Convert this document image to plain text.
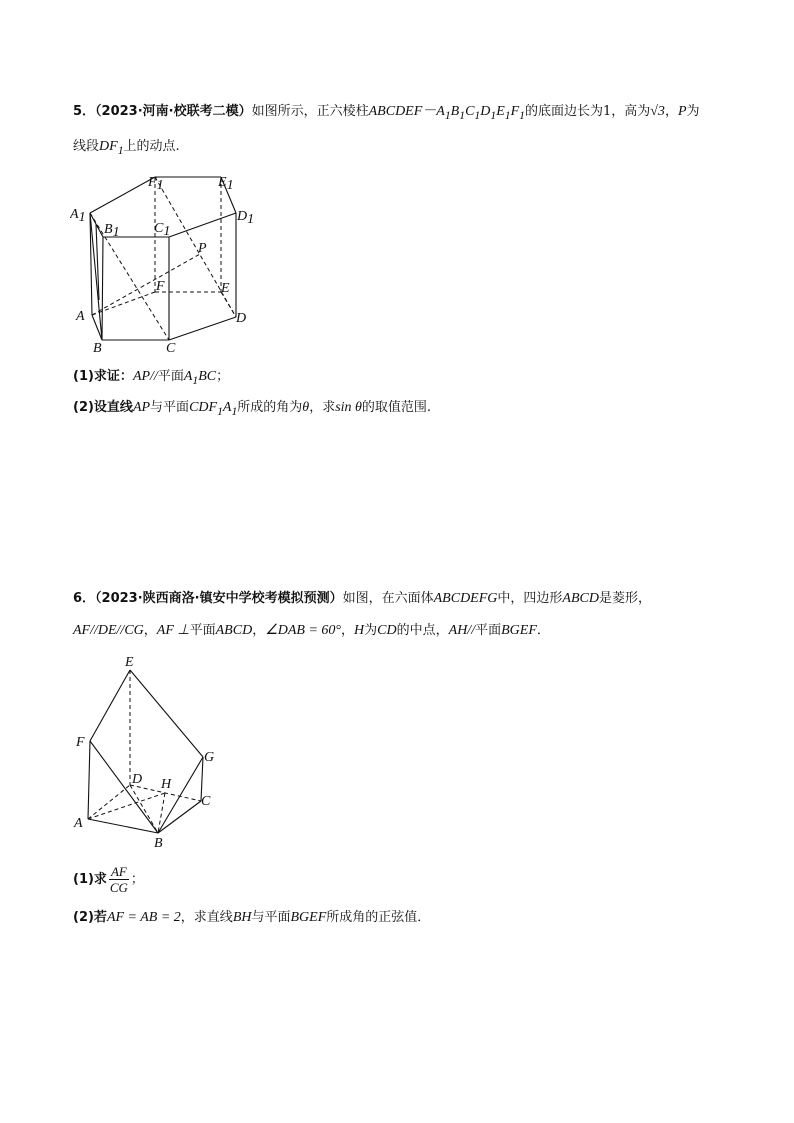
5．（2023·河南·校联考二模）如图所示，正六棱柱$ABCDEF-A_1B_1C_1D_1E_1F_1$的底面边长为1，高为√3，P为
线段$DF_1$上的动点.
A1
B1 C1
D1
E1
F1
P
F	E
A	D
B	C
(1)求证：AP//平面$A_1BC$；
(2)设直线AP与平面$CDF_1A_1$所成的角为θ，求sin θ的取值范围.
6．（2023·陕西商洛·镇安中学校考模拟预测）如图，在六面体ABCDEFG中，四边形ABCD是菱形，
AF//DE//CG，AF ⊥平面ABCD，∠DAB = 60°，H为CD的中点，AH//平面BGEF．
E
F
G
D H
C
A
B
(1)求 $\frac{AF}{CG}$ ；
(2)若AF = AB = 2，求直线BH与平面BGEF所成角的正弦值．
